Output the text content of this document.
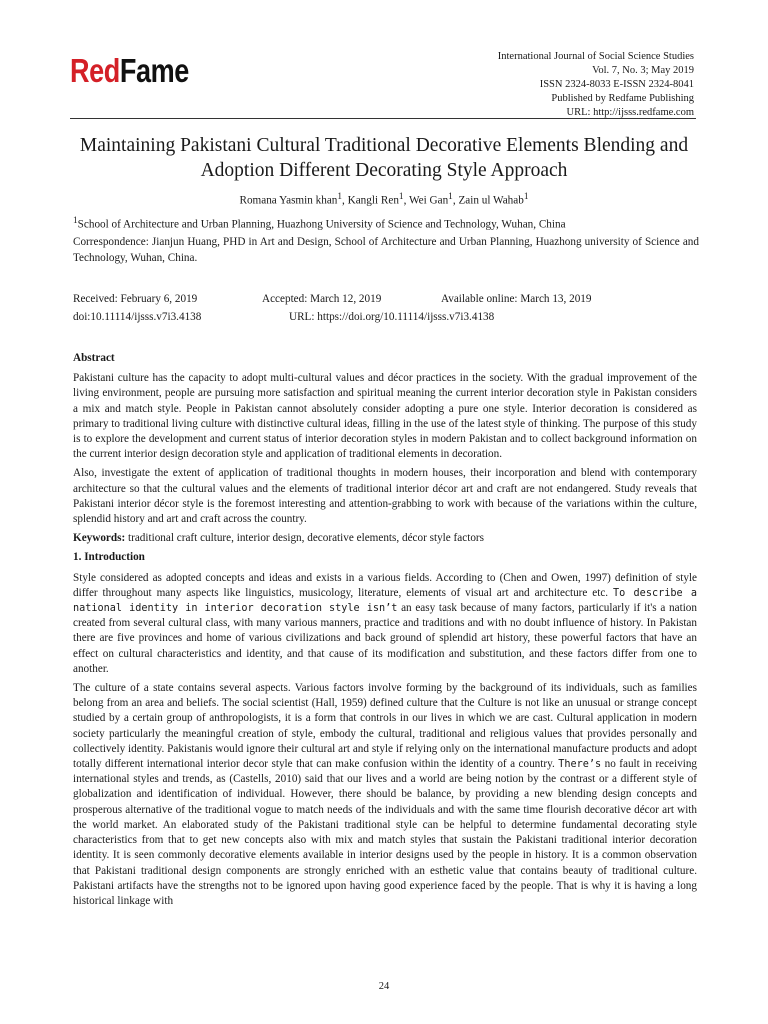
RedFame	International Journal of Social Science Studies
Vol. 7, No. 3; May 2019
ISSN 2324-8033 E-ISSN 2324-8041
Published by Redfame Publishing
URL: http://ijsss.redfame.com
Maintaining Pakistani Cultural Traditional Decorative Elements Blending and Adoption Different Decorating Style Approach
Romana Yasmin khan$^1$, Kangli Ren$^1$, Wei Gan$^1$, Zain ul Wahab$^1$
$^1$School of Architecture and Urban Planning, Huazhong University of Science and Technology, Wuhan, China
Correspondence: Jianjun Huang, PHD in Art and Design, School of Architecture and Urban Planning, Huazhong university of Science and Technology, Wuhan, China.
Received: February 6, 2019	Accepted: March 12, 2019	Available online: March 13, 2019
doi:10.11114/ijsss.v7i3.4138	URL: https://doi.org/10.11114/ijsss.v7i3.4138

Abstract

Pakistani culture has the capacity to adopt multi-cultural values and décor practices in the society. With the gradual improvement of the living environment, people are pursuing more satisfaction and spiritual meaning the current interior decoration style in Pakistan considers a mix and match style. People in Pakistan cannot absolutely consider adopting a pure one style. Interior decoration is considered as primary to traditional living culture with distinctive cultural ideas, filling in the use of the latest style of thinking. The purpose of this study is to explore the development and current status of interior decoration styles in modern Pakistan and to collect background information on the current interior design decoration style and application of traditional elements in decoration.

Also, investigate the extent of application of traditional thoughts in modern houses, their incorporation and blend with contemporary architecture so that the cultural values and the elements of traditional interior décor art and craft are not endangered. Study reveals that Pakistani interior décor style is the foremost interesting and attention-grabbing to work with because of the variations within the culture, splendid history and art and craft across the country.

Keywords: traditional craft culture, interior design, decorative elements, décor style factors

1. Introduction

Style considered as adopted concepts and ideas and exists in a various fields. According to (Chen and Owen, 1997) definition of style differ throughout many aspects like linguistics, musicology, literature, elements of visual art and architecture etc. To describe a national identity in interior decoration style isn’t an easy task because of many factors, particularly if it's a nation created from several cultural class, with many various manners, practice and traditions and with no doubt influence of history. In Pakistan there are five provinces and home of various civilizations and back ground of splendid art history, these powerful factors that have an effect on cultural characteristics and identity, and that cause of its modification and substitution, and these factors differ from one to another.

The culture of a state contains several aspects. Various factors involve forming by the background of its individuals, such as families belong from an area and beliefs. The social scientist (Hall, 1959) defined culture that the Culture is not like an unusual or strange concept studied by a certain group of anthropologists, it is a form that controls in our lives in which we are cast. Cultural application in modern society particularly the meaningful creation of style, embody the cultural, traditional and religious values that provides personally and collectively identity. Pakistanis would ignore their cultural art and style if relying only on the international manufacture products and adopt totally different international interior decor style that can make confusion within the identity of a country. There’s no fault in receiving international styles and trends, as (Castells, 2010) said that our lives and a world are being notion by the contrast or a different style of globalization and identification of individual. However, there should be balance, by providing a new blending design concepts and prosperous alternative of the traditional vogue to match needs of the individuals and with the same time flourish decorative décor art with the world market. An elaborated study of the Pakistani traditional style can be helpful to determine fundamental decorating style characteristics from that to get new concepts also with mix and match styles that sustain the Pakistani traditional interior decoration identity. It is seen commonly decorative elements available in interior designs used by the people in history. It is a common observation that Pakistani traditional design components are strongly enriched with an esthetic value that contains beauty of traditional culture. Pakistani artifacts have the strengths not to be ignored upon having good experience faced by the people. That is why it is having a long historical linkage with

24
